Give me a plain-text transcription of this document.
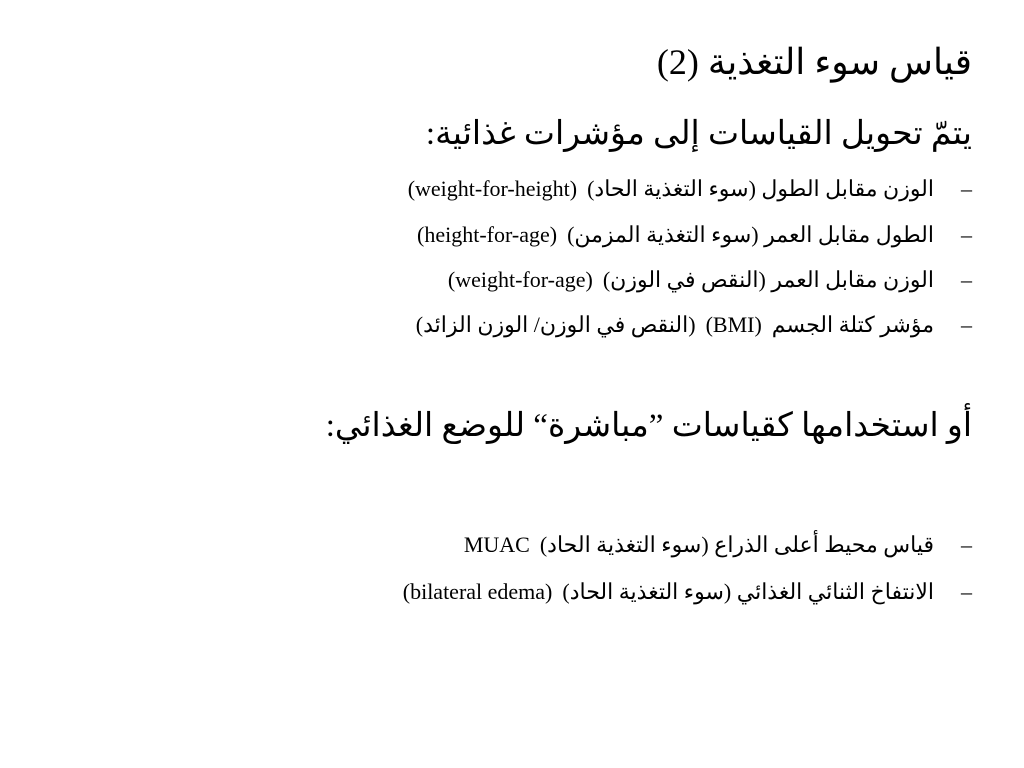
قياس سوء التغذية (2)
يتمّ تحويل القياسات إلى مؤشرات غذائية:
–
الوزن مقابل الطول (سوء التغذية الحاد)(weight-for-height)
–
الطول مقابل العمر (سوء التغذية المزمن)(height-for-age)
–
الوزن مقابل العمر (النقص في الوزن)(weight-for-age)
–
مؤشر كتلة الجسم(BMI)(النقص في الوزن/ الوزن الزائد)
أو استخدامها كقياسات ”مباشرة“ للوضع الغذائي:
–
قياس محيط أعلى الذراع (سوء التغذية الحاد)MUAC
–
الانتفاخ الثنائي الغذائي (سوء التغذية الحاد)(bilateral edema)
